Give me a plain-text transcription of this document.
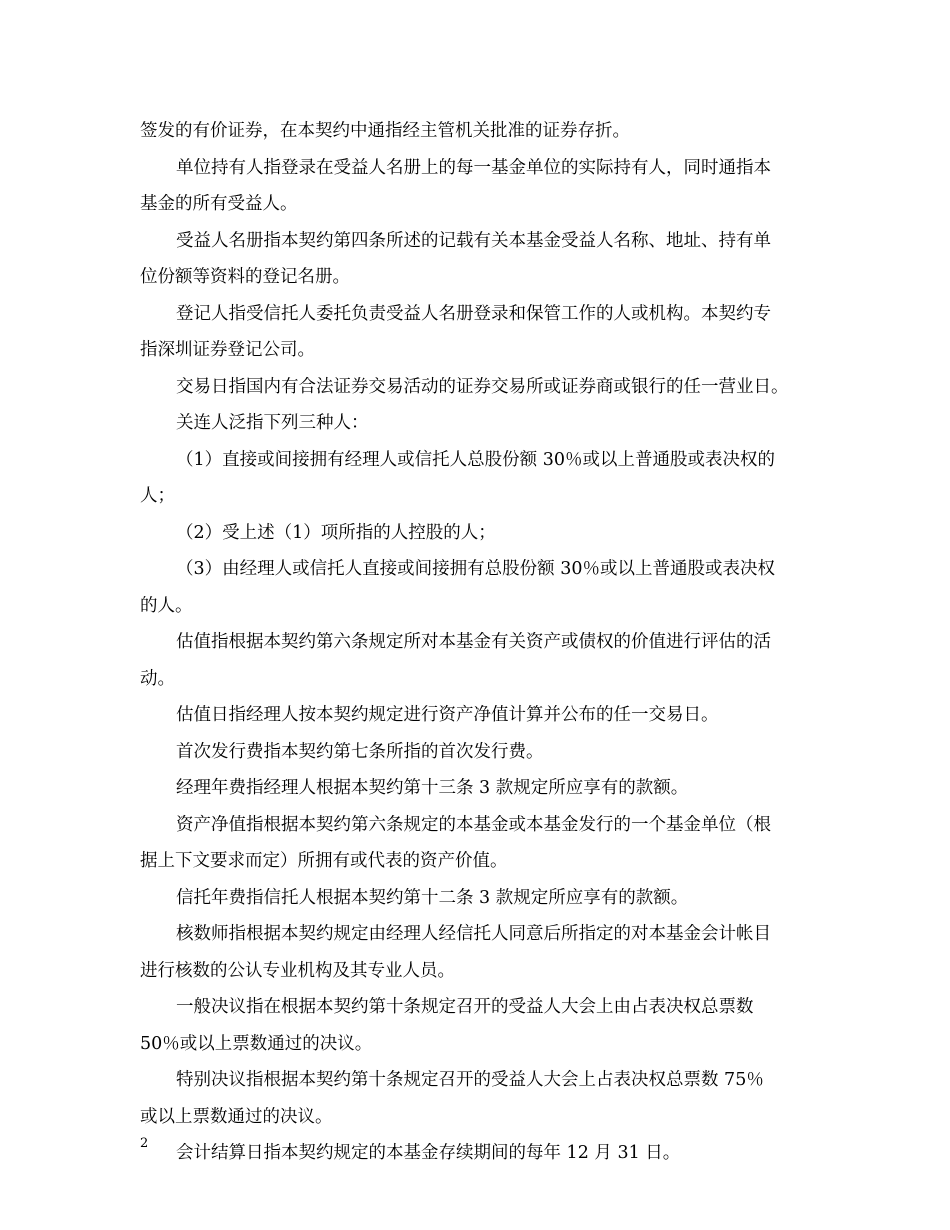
签发的有价证券，在本契约中通指经主管机关批准的证券存折。
单位持有人指登录在受益人名册上的每一基金单位的实际持有人，同时通指本
基金的所有受益人。
受益人名册指本契约第四条所述的记载有关本基金受益人名称、地址、持有单
位份额等资料的登记名册。
登记人指受信托人委托负责受益人名册登录和保管工作的人或机构。本契约专
指深圳证券登记公司。
交易日指国内有合法证券交易活动的证券交易所或证券商或银行的任一营业日。
关连人泛指下列三种人：
（1）直接或间接拥有经理人或信托人总股份额 30％或以上普通股或表决权的
人；
（2）受上述（1）项所指的人控股的人；
（3）由经理人或信托人直接或间接拥有总股份额 30％或以上普通股或表决权
的人。
估值指根据本契约第六条规定所对本基金有关资产或债权的价值进行评估的活
动。
估值日指经理人按本契约规定进行资产净值计算并公布的任一交易日。
首次发行费指本契约第七条所指的首次发行费。
经理年费指经理人根据本契约第十三条 3 款规定所应享有的款额。
资产净值指根据本契约第六条规定的本基金或本基金发行的一个基金单位（根
据上下文要求而定）所拥有或代表的资产价值。
信托年费指信托人根据本契约第十二条 3 款规定所应享有的款额。
核数师指根据本契约规定由经理人经信托人同意后所指定的对本基金会计帐目
进行核数的公认专业机构及其专业人员。
一般决议指在根据本契约第十条规定召开的受益人大会上由占表决权总票数
50％或以上票数通过的决议。
特别决议指根据本契约第十条规定召开的受益人大会上占表决权总票数 75％
或以上票数通过的决议。
会计结算日指本契约规定的本基金存续期间的每年 12 月 31 日。
2
